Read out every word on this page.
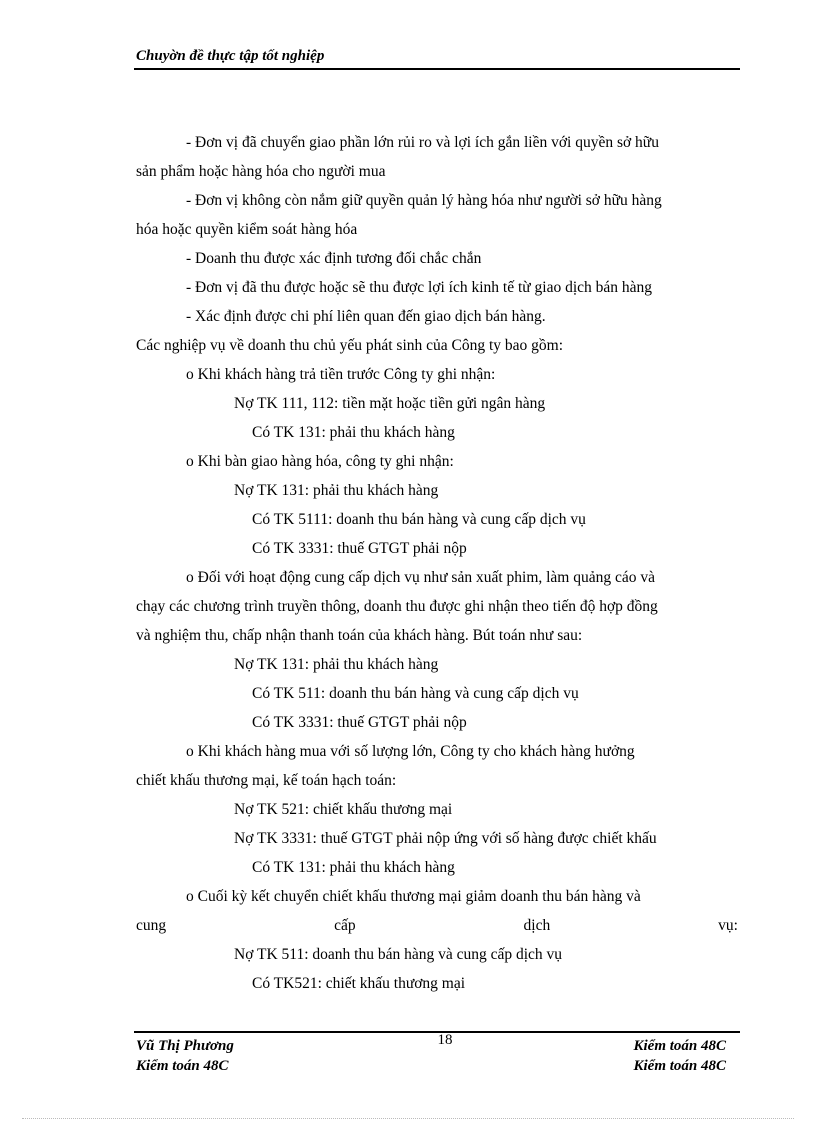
Chuyờn đề thực tập tốt nghiệp
- Đơn vị đã chuyển giao phần lớn rủi ro và lợi ích gắn liền với quyền sở hữu
sản phẩm hoặc hàng hóa cho người mua
- Đơn vị không còn nắm giữ quyền quản lý hàng hóa như người sở hữu hàng
hóa hoặc quyền kiểm soát hàng hóa
- Doanh thu được xác định tương đối chắc chắn
- Đơn vị đã thu được hoặc sẽ thu được lợi ích kinh tế từ giao dịch bán hàng
- Xác định được chi phí liên quan đến giao dịch bán hàng.
Các nghiệp vụ về doanh thu chủ yếu phát sinh của Công ty bao gồm:
o Khi khách hàng trả tiền trước Công ty ghi nhận:
Nợ TK 111, 112: tiền mặt hoặc tiền gửi ngân hàng
Có TK 131: phải thu khách hàng
o Khi bàn giao hàng hóa, công ty ghi nhận:
Nợ TK 131: phải thu khách hàng
Có TK 5111: doanh thu bán hàng và cung cấp dịch vụ
Có TK 3331: thuế GTGT phải nộp
o Đối với hoạt động cung cấp dịch vụ như sản xuất phim, làm quảng cáo và
chạy các chương trình truyền thông, doanh thu được ghi nhận theo tiến độ hợp đồng
và nghiệm thu, chấp nhận thanh toán của khách hàng. Bút toán như sau:
Nợ TK 131: phải thu khách hàng
Có TK 511: doanh thu bán hàng và cung cấp dịch vụ
Có TK 3331: thuế GTGT phải nộp
o Khi khách hàng mua với số lượng lớn, Công ty cho khách hàng hưởng
chiết khấu thương mại, kế toán hạch toán:
Nợ TK 521: chiết khấu thương mại
Nợ TK 3331: thuế GTGT phải nộp ứng với số hàng được chiết khấu
Có TK 131: phải thu khách hàng
o Cuối kỳ kết chuyển chiết khấu thương mại giảm doanh thu bán hàng và
cung	cấp	dịch	vụ:
Nợ TK 511: doanh thu bán hàng và cung cấp dịch vụ
Có TK521: chiết khấu thương mại
Vũ Thị Phương
Kiểm toán 48C
18	Kiểm toán 48C
Kiểm toán 48C
